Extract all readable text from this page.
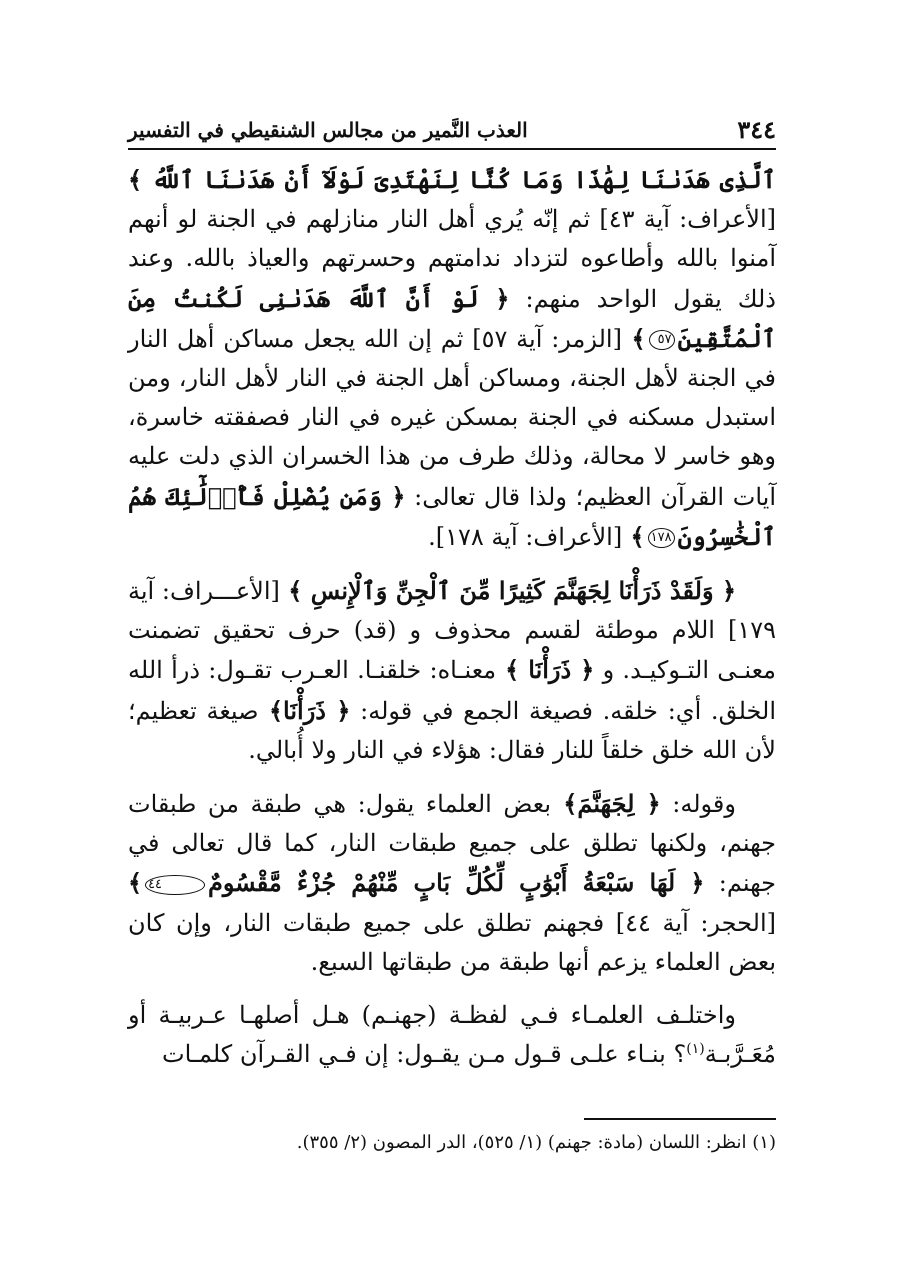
٣٤٤
العذب النَّمير من مجالس الشنقيطي في التفسير

ٱلَّذِى هَدَىٰنَا لِهَٰذَا وَمَا كُنَّا لِنَهْتَدِىَ لَوْلَآ أَنْ هَدَىٰنَا ٱللَّهُ ﴾ [الأعراف: آية ٤٣] ثم إنّه يُري أهل النار منازلهم في الجنة لو أنهم آمنوا بالله وأطاعوه لتزداد ندامتهم وحسرتهم والعياذ بالله. وعند ذلك يقول الواحد منهم: ﴿ لَوْ أَنَّ ٱللَّهَ هَدَىٰنِى لَكُنتُ مِنَ ٱلْمُتَّقِينَ٥٧﴾ [الزمر: آية ٥٧] ثم إن الله يجعل مساكن أهل النار في الجنة لأهل الجنة، ومساكن أهل الجنة في النار لأهل النار، ومن استبدل مسكنه في الجنة بمسكن غيره في النار فصفقته خاسرة، وهو خاسر لا محالة، وذلك طرف من هذا الخسران الذي دلت عليه آيات القرآن العظيم؛ ولذا قال تعالى: ﴿ وَمَن يُضْلِلْ فَأُو۟لَٰٓئِكَ هُمُ ٱلْخَٰسِرُونَ١٧٨﴾ [الأعراف: آية ١٧٨].

﴿ وَلَقَدْ ذَرَأْنَا لِجَهَنَّمَ كَثِيرًا مِّنَ ٱلْجِنِّ وَٱلْإِنسِ ﴾ [الأعـــراف: آية ١٧٩] اللام موطئة لقسم محذوف و (قد) حرف تحقيق تضمنت معنـى التـوكيـد. و ﴿ ذَرَأْنَا ﴾ معنـاه: خلقنـا. العـرب تقـول: ذرأ الله الخلق. أي: خلقه. فصيغة الجمع في قوله: ﴿ ذَرَأْنَا﴾ صيغة تعظيم؛ لأن الله خلق خلقاً للنار فقال: هؤلاء في النار ولا أُبالي.

وقوله: ﴿ لِجَهَنَّمَ﴾ بعض العلماء يقول: هي طبقة من طبقات جهنم، ولكنها تطلق على جميع طبقات النار، كما قال تعالى في جهنم: ﴿ لَهَا سَبْعَةُ أَبْوَٰبٍ لِّكُلِّ بَابٍ مِّنْهُمْ جُزْءٌ مَّقْسُومٌ٤٤﴾ [الحجر: آية ٤٤] فجهنم تطلق على جميع طبقات النار، وإن كان بعض العلماء يزعم أنها طبقة من طبقاتها السبع.

واختلـف العلمـاء فـي لفظـة (جهنـم) هـل أصلهـا عـربيـة أو مُعَـرَّبـة$^{(١)}$؟ بنـاء علـى قـول مـن يقـول: إن فـي القـرآن كلمـات

(١) انظر: اللسان (مادة: جهنم) (١/ ٥٢٥)، الدر المصون (٢/ ٣٥٥).
